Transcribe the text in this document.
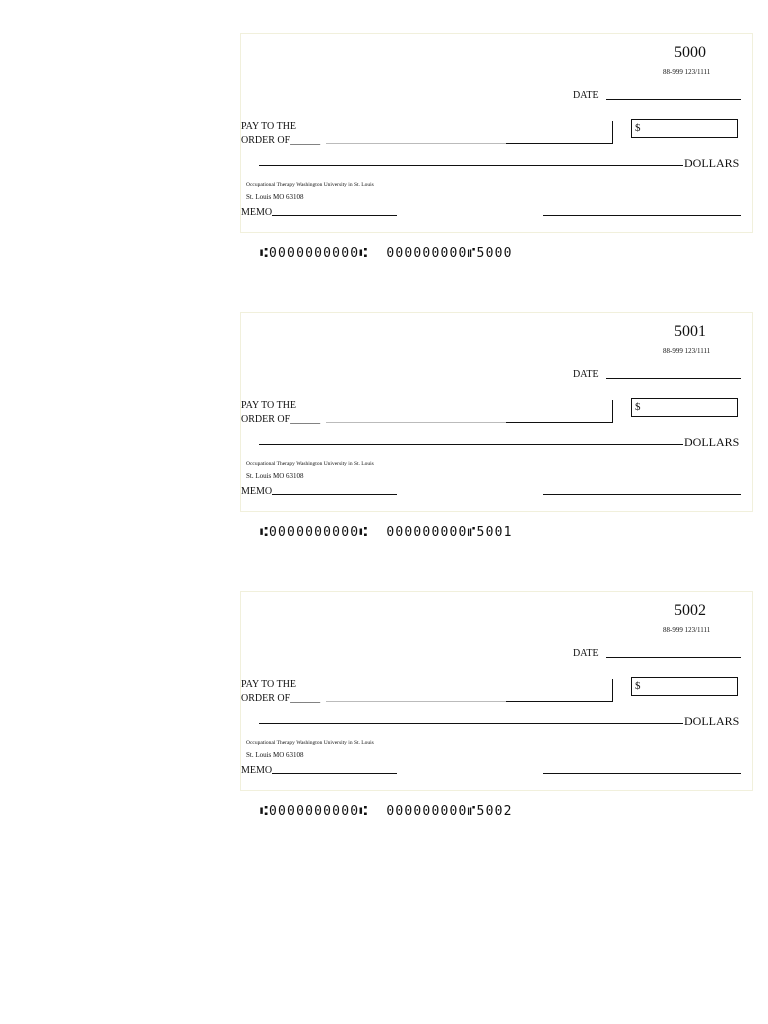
5000
88-999 123/1111
DATE
PAY TO THE
ORDER OF______
$
DOLLARS
Occupational Therapy Washington University in St. Louis
St. Louis MO 63108
MEMO
⑆0000000000⑆  000000000⑈5000
5001
88-999 123/1111
DATE
PAY TO THE
ORDER OF______
$
DOLLARS
Occupational Therapy Washington University in St. Louis
St. Louis MO 63108
MEMO
⑆0000000000⑆  000000000⑈5001
5002
88-999 123/1111
DATE
PAY TO THE
ORDER OF______
$
DOLLARS
Occupational Therapy Washington University in St. Louis
St. Louis MO 63108
MEMO
⑆0000000000⑆  000000000⑈5002
